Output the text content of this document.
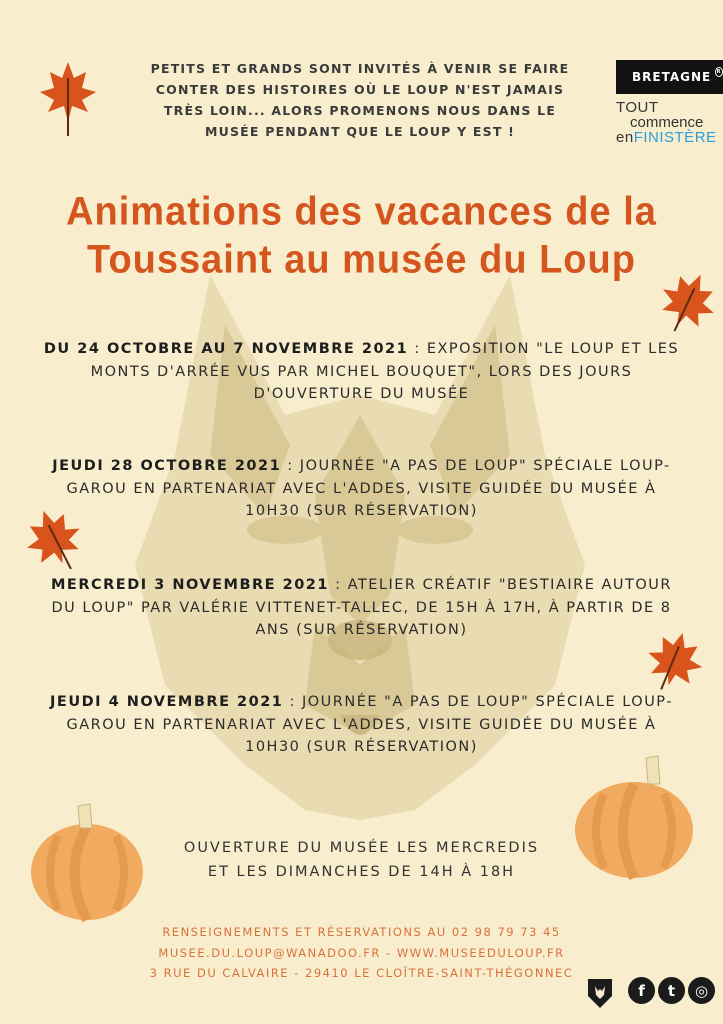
PETITS ET GRANDS SONT INVITÉS À VENIR SE FAIRE
CONTER DES HISTOIRES OÙ LE LOUP N'EST JAMAIS
TRÈS LOIN... ALORS PROMENONS NOUS DANS LE
MUSÉE PENDANT QUE LE LOUP Y EST !
BRETAGNE R
TOUT
commence
enFINISTÈRE
Animations des vacances de la
Toussaint au musée du Loup
DU 24 OCTOBRE AU 7 NOVEMBRE 2021 : EXPOSITION "LE LOUP ET LES MONTS D'ARRÉE VUS PAR MICHEL BOUQUET", LORS DES JOURS D'OUVERTURE DU MUSÉE
JEUDI 28 OCTOBRE 2021 : JOURNÉE "A PAS DE LOUP" SPÉCIALE LOUP-GAROU EN PARTENARIAT AVEC L'ADDES, VISITE GUIDÉE DU MUSÉE À 10H30 (SUR RÉSERVATION)
MERCREDI 3 NOVEMBRE 2021 : ATELIER CRÉATIF "BESTIAIRE AUTOUR DU LOUP" PAR VALÉRIE VITTENET-TALLEC, DE 15H À 17H, À PARTIR DE 8 ANS (SUR RÉSERVATION)
JEUDI 4 NOVEMBRE 2021 : JOURNÉE "A PAS DE LOUP" SPÉCIALE LOUP-GAROU EN PARTENARIAT AVEC L'ADDES, VISITE GUIDÉE DU MUSÉE À 10H30 (SUR RÉSERVATION)
OUVERTURE DU MUSÉE LES MERCREDIS
ET LES DIMANCHES DE 14H À 18H
RENSEIGNEMENTS ET RÉSERVATIONS AU 02 98 79 73 45
MUSEE.DU.LOUP@WANADOO.FR - WWW.MUSEEDULOUP.FR
3 RUE DU CALVAIRE - 29410 LE CLOÎTRE-SAINT-THÉGONNEC
f	t	◎
